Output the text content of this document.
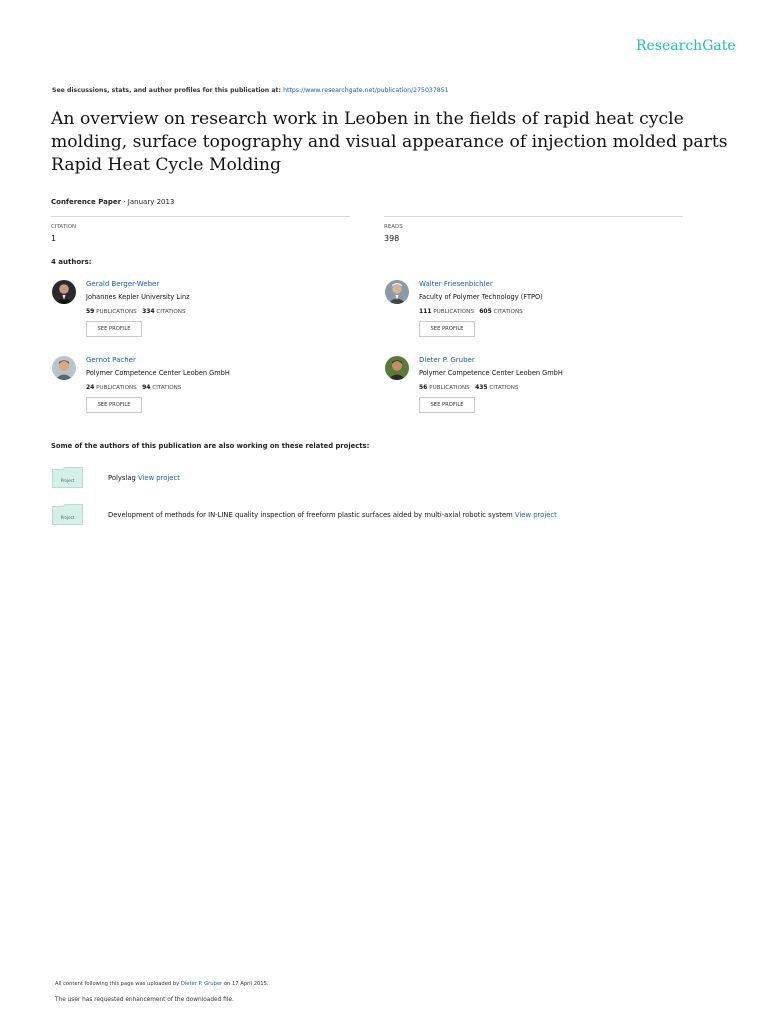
ResearchGate
See discussions, stats, and author profiles for this publication at: https://www.researchgate.net/publication/275037851
An overview on research work in Leoben in the fields of rapid heat cycle
molding, surface topography and visual appearance of injection molded parts
Rapid Heat Cycle Molding
Conference Paper · January 2013
CITATION
1
READS
398
4 authors:
Gerald Berger-Weber
Johannes Kepler University Linz
59 PUBLICATIONS 334 CITATIONS
SEE PROFILE
Walter Friesenbichler
Faculty of Polymer Technology (FTPO)
111 PUBLICATIONS 605 CITATIONS
SEE PROFILE
Gernot Pacher
Polymer Competence Center Leoben GmbH
24 PUBLICATIONS 94 CITATIONS
SEE PROFILE
Dieter P. Gruber
Polymer Competence Center Leoben GmbH
56 PUBLICATIONS 435 CITATIONS
SEE PROFILE
Some of the authors of this publication are also working on these related projects:
Project	Polyslag View project
Project	Development of methods for IN-LINE quality inspection of freeform plastic surfaces aided by multi-axial robotic system View project
All content following this page was uploaded by Dieter P. Gruber on 17 April 2015.
The user has requested enhancement of the downloaded file.
